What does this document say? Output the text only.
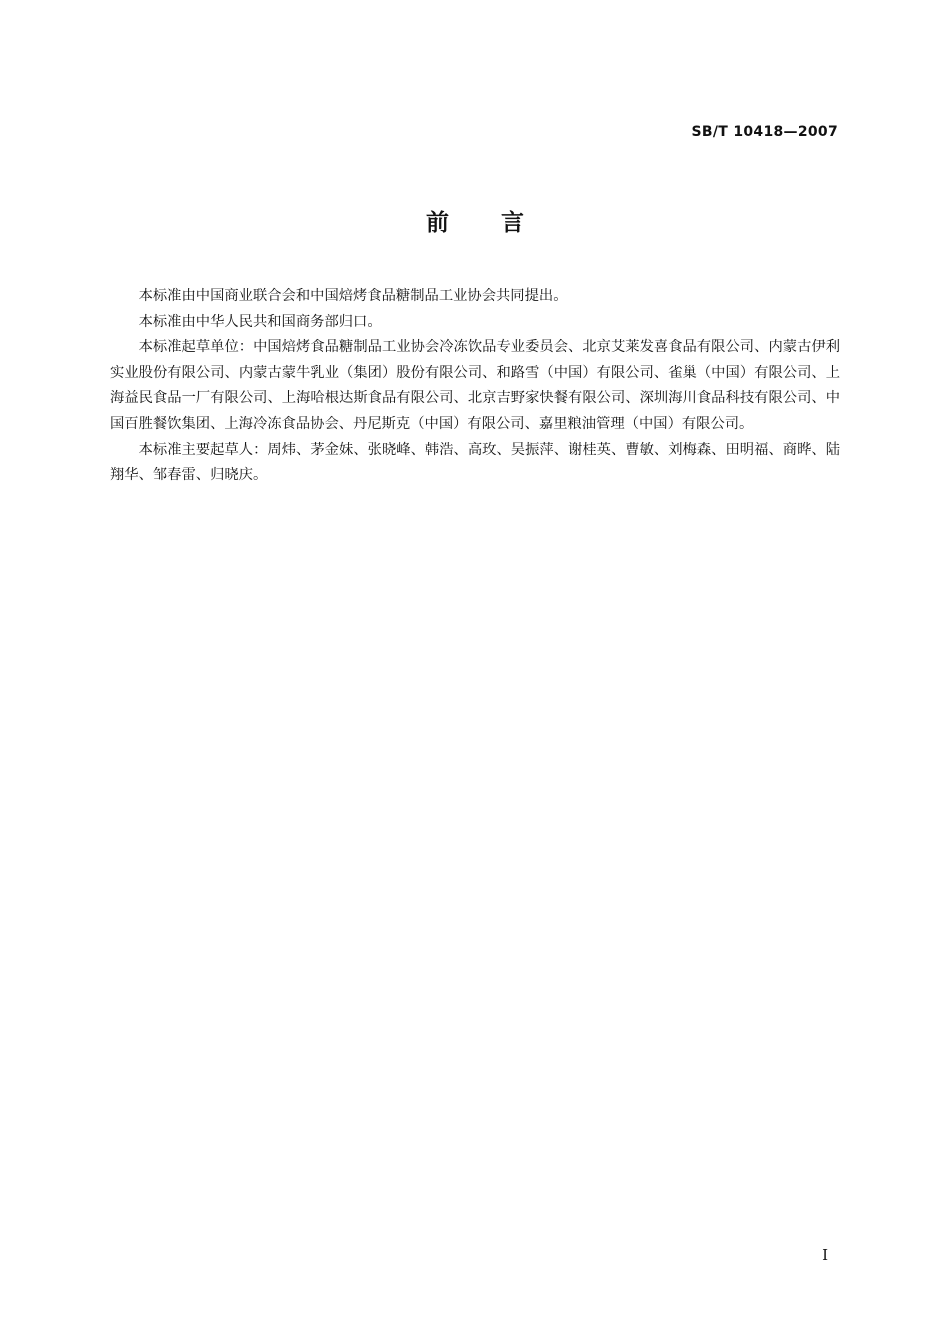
SB/T 10418—2007
前言

本标准由中国商业联合会和中国焙烤食品糖制品工业协会共同提出。

本标准由中华人民共和国商务部归口。

本标准起草单位：中国焙烤食品糖制品工业协会冷冻饮品专业委员会、北京艾莱发喜食品有限公司、内蒙古伊利实业股份有限公司、内蒙古蒙牛乳业（集团）股份有限公司、和路雪（中国）有限公司、雀巢（中国）有限公司、上海益民食品一厂有限公司、上海哈根达斯食品有限公司、北京吉野家快餐有限公司、深圳海川食品科技有限公司、中国百胜餐饮集团、上海冷冻食品协会、丹尼斯克（中国）有限公司、嘉里粮油管理（中国）有限公司。

本标准主要起草人：周炜、茅金妹、张晓峰、韩浩、高玫、吴振萍、谢桂英、曹敏、刘梅森、田明福、商晔、陆翔华、邹春雷、归晓庆。

I
